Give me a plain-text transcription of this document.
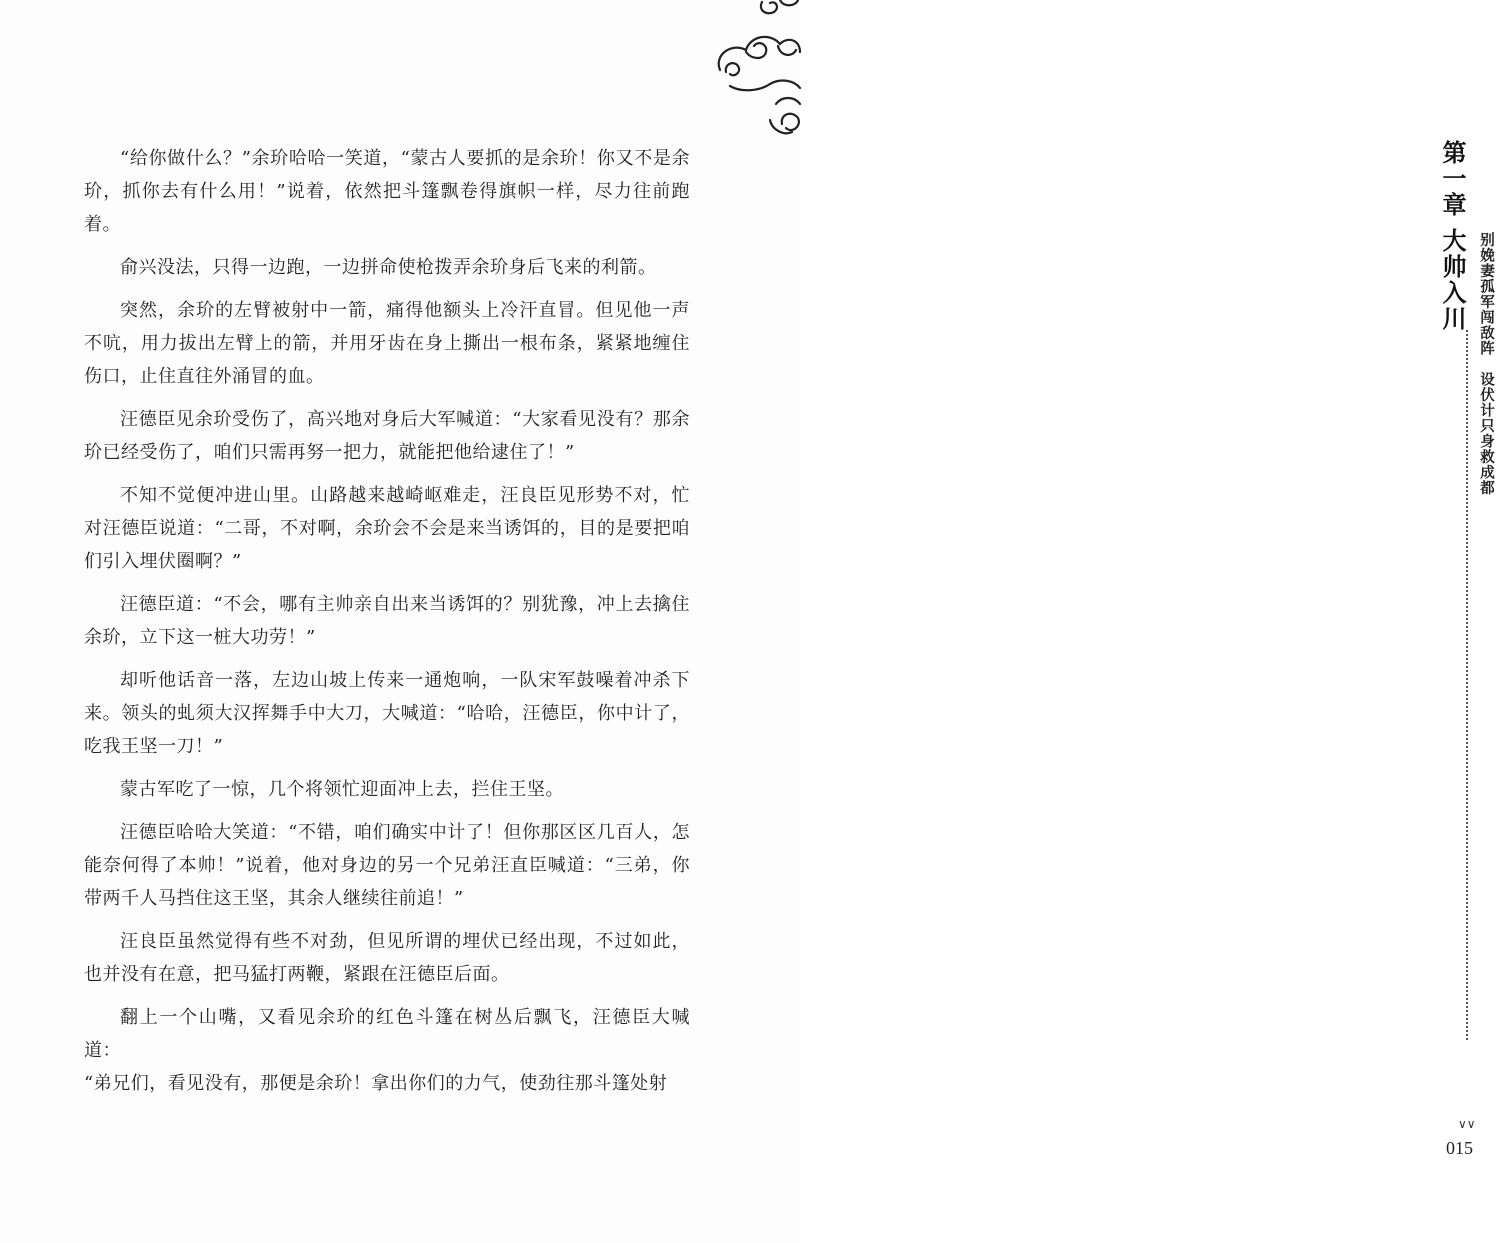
第一章
大帅入川 别娩妻孤军闯敌阵　设伏计只身救成都
∨∨
015

“给你做什么？”余玠哈哈一笑道，“蒙古人要抓的是余玠！你又不是余玠，抓你去有什么用！”说着，依然把斗篷飘卷得旗帜一样，尽力往前跑着。

俞兴没法，只得一边跑，一边拼命使枪拨弄余玠身后飞来的利箭。

突然，余玠的左臂被射中一箭，痛得他额头上冷汗直冒。但见他一声不吭，用力拔出左臂上的箭，并用牙齿在身上撕出一根布条，紧紧地缠住伤口，止住直往外涌冒的血。

汪德臣见余玠受伤了，高兴地对身后大军喊道：“大家看见没有？那余玠已经受伤了，咱们只需再努一把力，就能把他给逮住了！”

不知不觉便冲进山里。山路越来越崎岖难走，汪良臣见形势不对，忙对汪德臣说道：“二哥，不对啊，余玠会不会是来当诱饵的，目的是要把咱们引入埋伏圈啊？”

汪德臣道：“不会，哪有主帅亲自出来当诱饵的？别犹豫，冲上去擒住余玠，立下这一桩大功劳！”

却听他话音一落，左边山坡上传来一通炮响，一队宋军鼓噪着冲杀下来。领头的虬须大汉挥舞手中大刀，大喊道：“哈哈，汪德臣，你中计了，吃我王坚一刀！”

蒙古军吃了一惊，几个将领忙迎面冲上去，拦住王坚。

汪德臣哈哈大笑道：“不错，咱们确实中计了！但你那区区几百人，怎能奈何得了本帅！”说着，他对身边的另一个兄弟汪直臣喊道：“三弟，你带两千人马挡住这王坚，其余人继续往前追！”

汪良臣虽然觉得有些不对劲，但见所谓的埋伏已经出现，不过如此，也并没有在意，把马猛打两鞭，紧跟在汪德臣后面。

翻上一个山嘴，又看见余玠的红色斗篷在树丛后飘飞，汪德臣大喊道：

“弟兄们，看见没有，那便是余玠！拿出你们的力气，使劲往那斗篷处射
